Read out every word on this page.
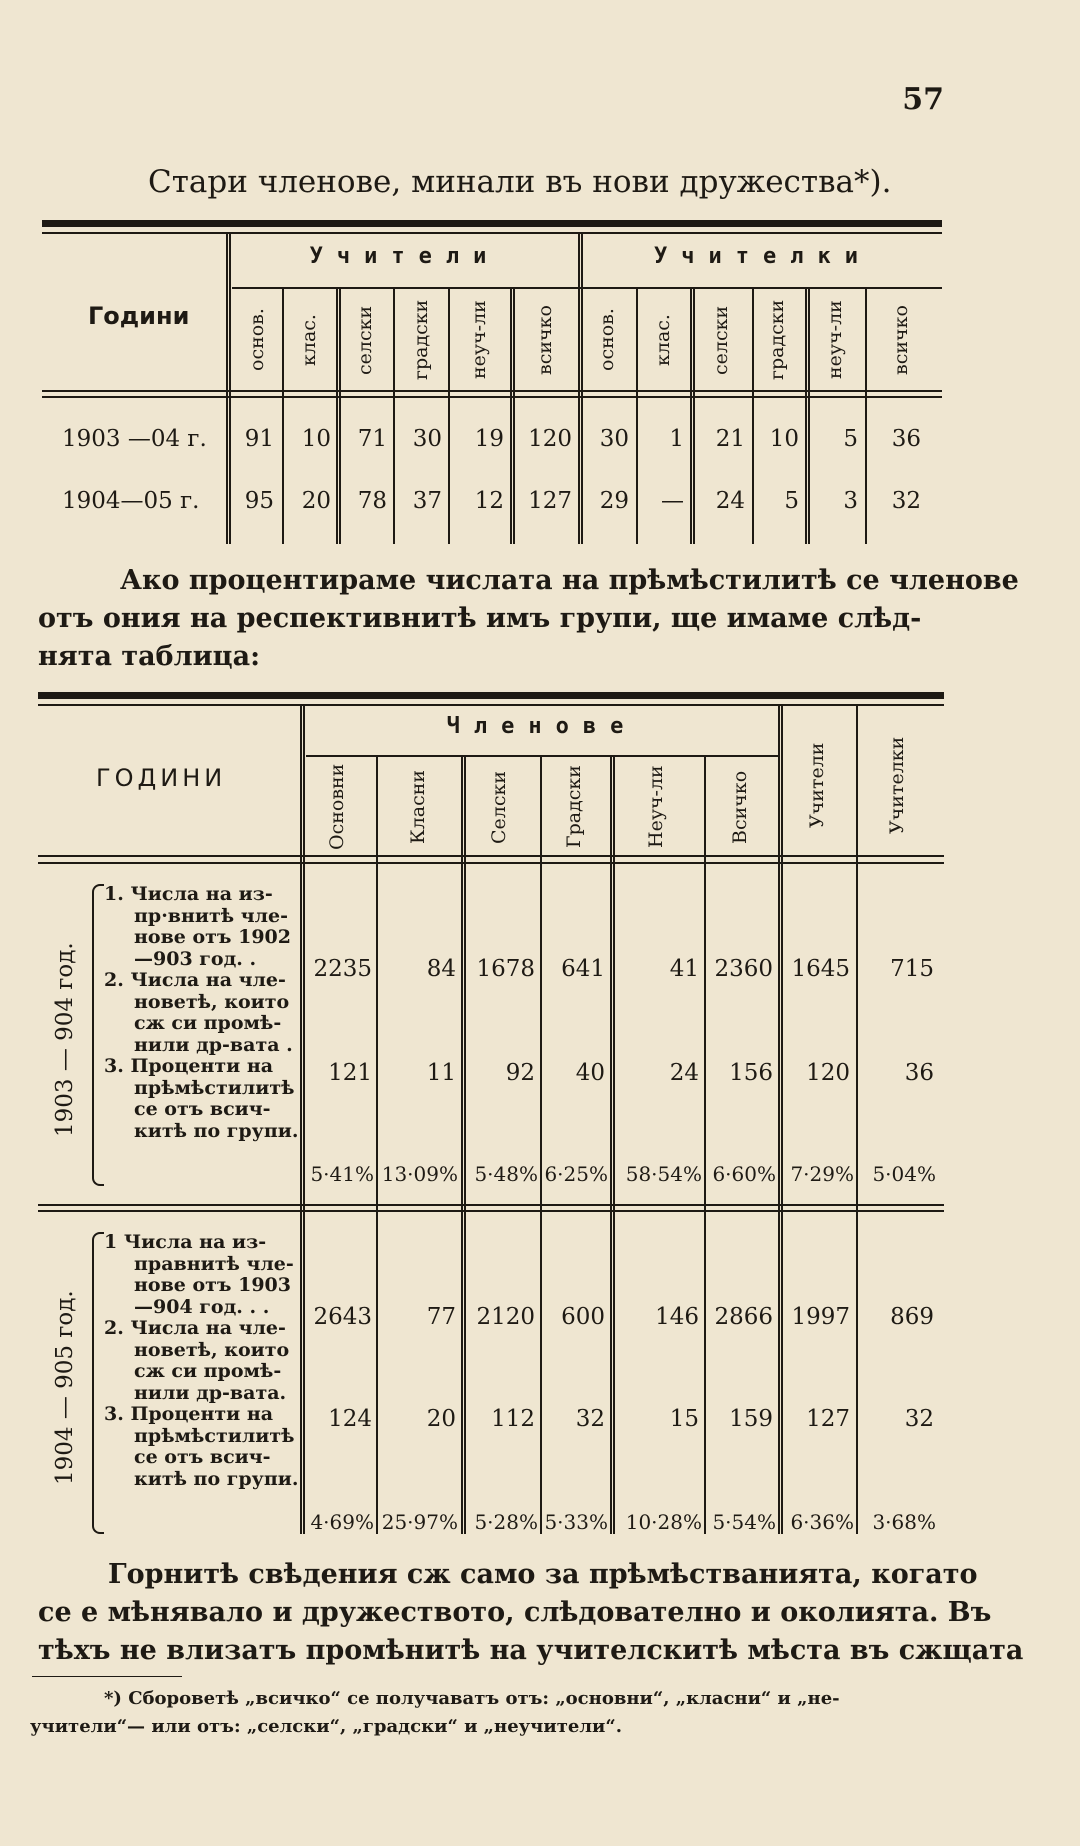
57
Стари членове, минали въ нови дружества*).
Години
Учители	Учителки
основ. клас. селски градски неуч-ли всичко основ. клас. селски градски неуч-ли всичко
1903 —04 г.	91	10	71	30	19	120	30	1	21	10	5	36
1904—05 г.	95	20	78	37	12	127	29	—	24	5	3	32
Ако процентираме числата на прѣмѣстилитѣ се членове
отъ ония на респективнитѣ имъ групи, ще имаме слѣд-
нята таблица:
ГОДИНИ
Членове
Основни	Класни	Селски	Градски	Неуч-ли	Всичко	Учители	Учителки
1903 — 904 год.
1. Числа на из-
пр·внитѣ чле-
нове отъ 1902
—903 год. .
2. Числа на чле-
новетѣ, които
сж си промѣ-
нили др-вата .
3. Проценти на
прѣмѣстилитѣ
се отъ всич-
китѣ по групи.
2235	84 1678	641	41 2360 1645	715
121	11	92	40	24	156	120	36
5·41% 13·09% 5·48% 6·25% 58·54% 6·60% 7·29% 5·04%
1904 — 905 год.
1 Числа на из-
правнитѣ чле-
нове отъ 1903
—904 год. . .
2. Числа на чле-
новетѣ, които
сж си промѣ-
нили др-вата.
3. Проценти на
прѣмѣстилитѣ
се отъ всич-
китѣ по групи.
2643	77 2120	600	146 2866 1997	869
124	20	112	32	15	159	127	32
4·69% 25·97% 5·28% 5·33% 10·28% 5·54% 6·36% 3·68%
Горнитѣ свѣдения сж само за прѣмѣстванията, когато
се е мѣнявало и дружеството, слѣдователно и околията. Въ
тѣхъ не влизатъ промѣнитѣ на учителскитѣ мѣста въ сжщата
*) Сбороветѣ „всичко“ се получаватъ отъ: „основни“, „класни“ и „не-
учители“— или отъ: „селски“, „градски“ и „неучители“.
